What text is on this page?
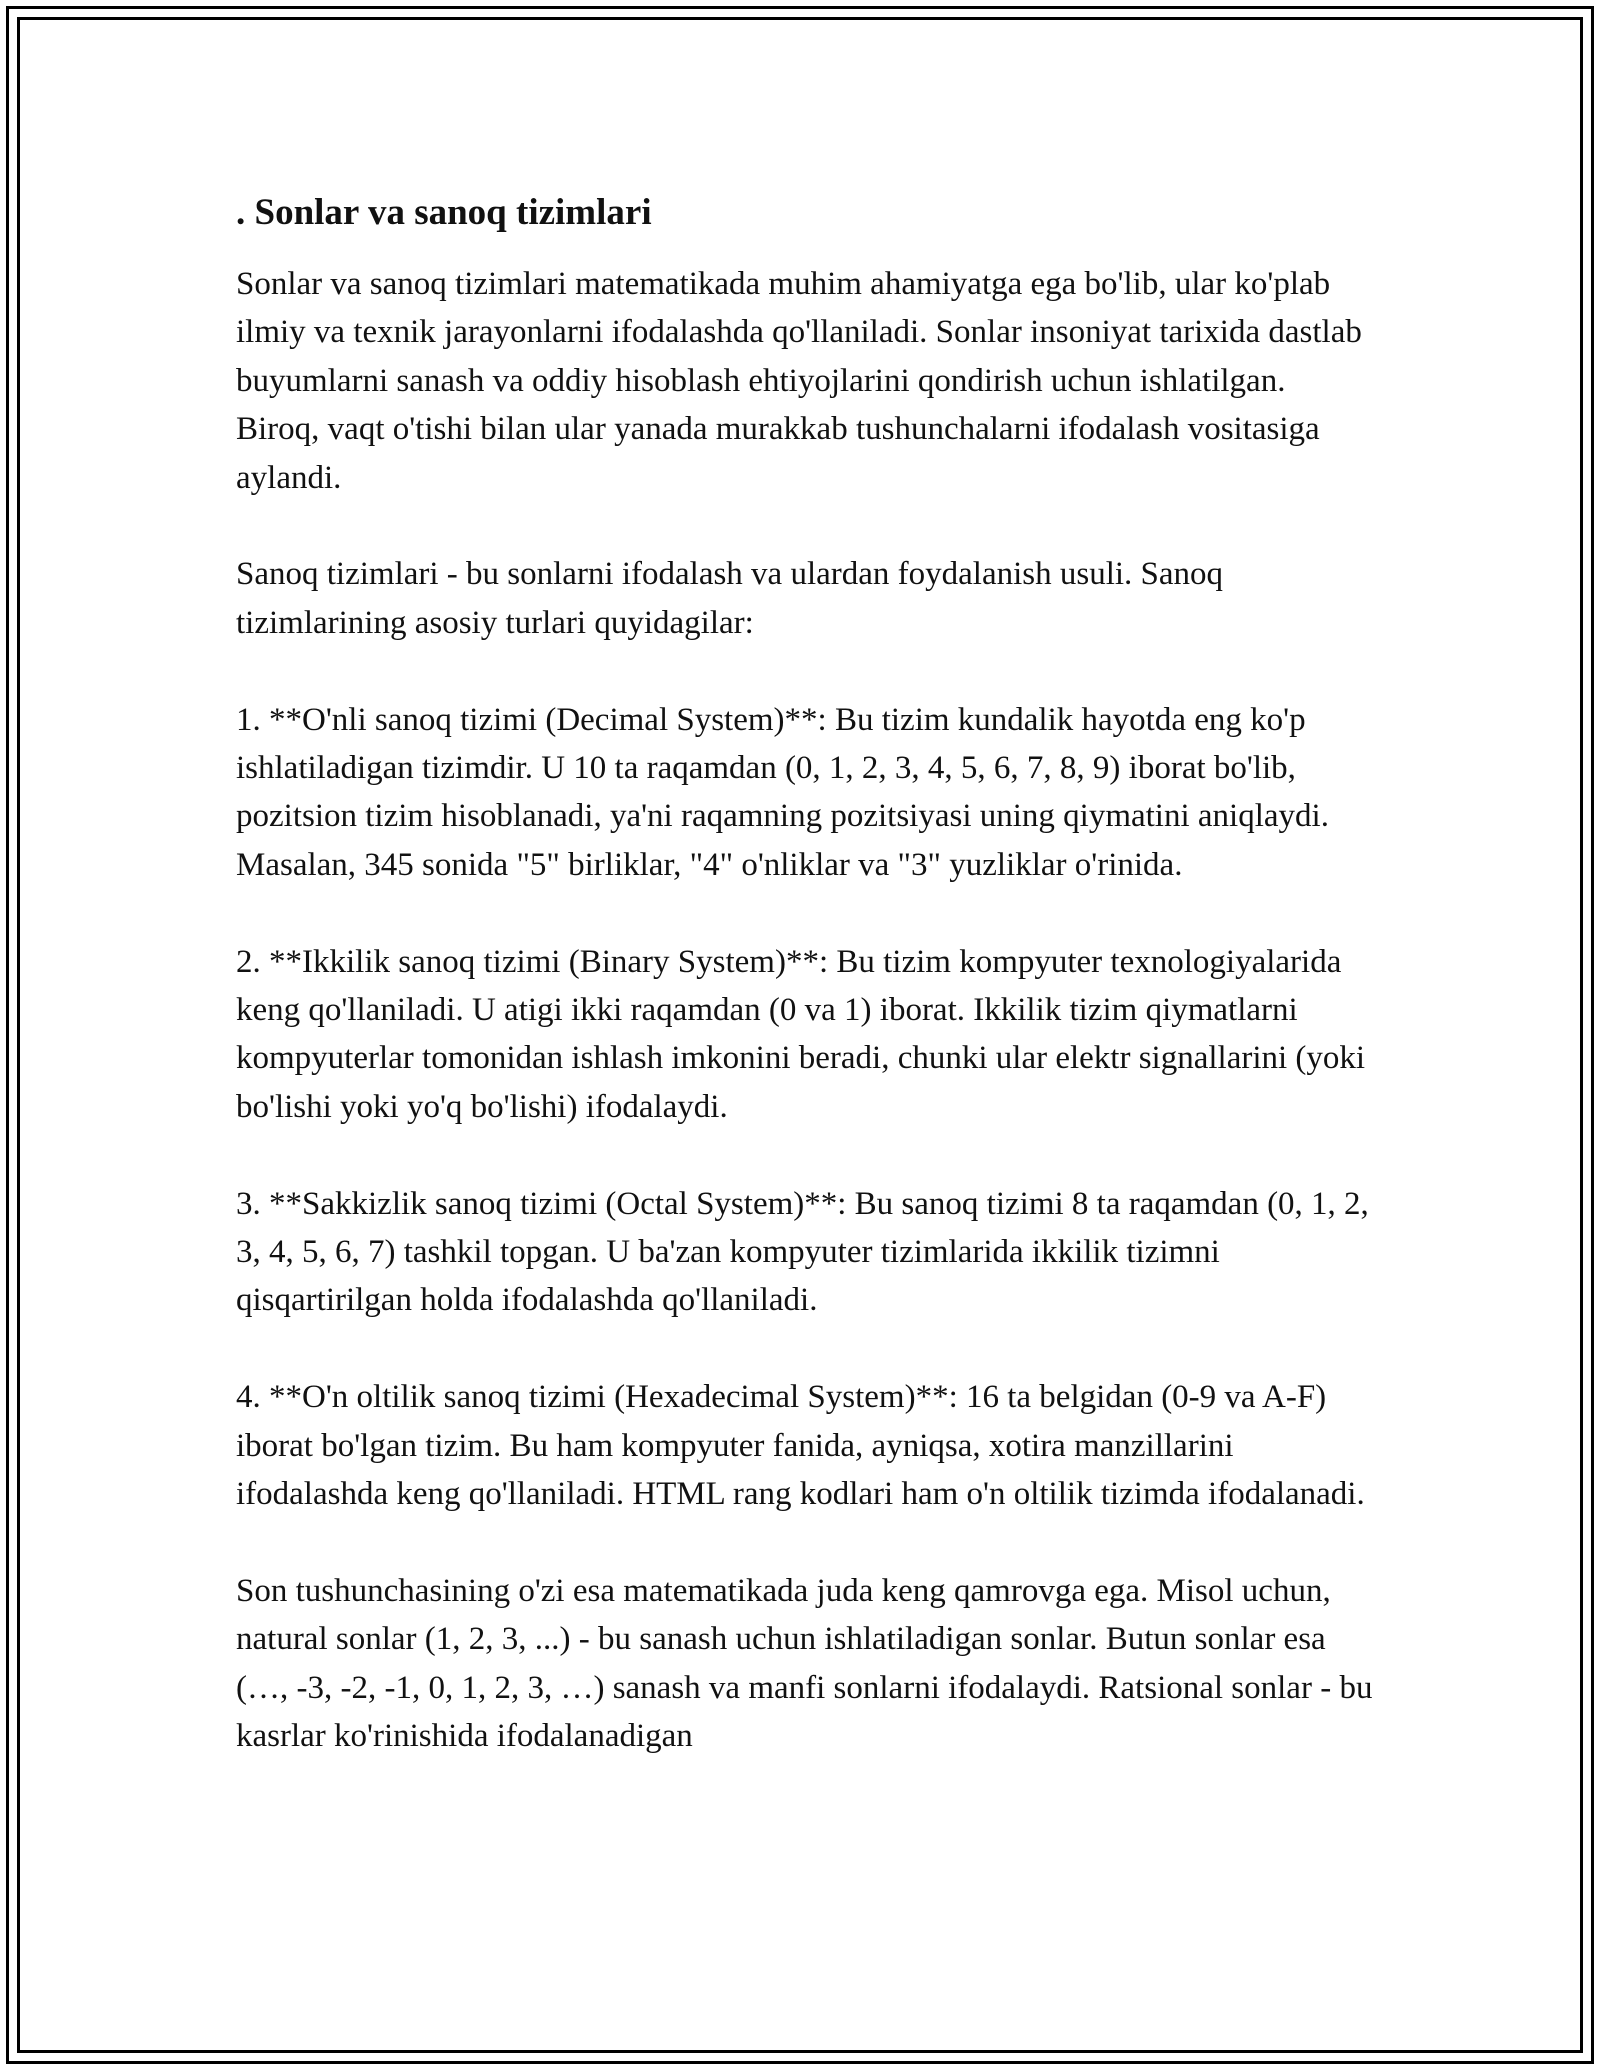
. Sonlar va sanoq tizimlari

Sonlar va sanoq tizimlari matematikada muhim ahamiyatga ega bo'lib, ular ko'plab ilmiy va texnik jarayonlarni ifodalashda qo'llaniladi. Sonlar insoniyat tarixida dastlab buyumlarni sanash va oddiy hisoblash ehtiyojlarini qondirish uchun ishlatilgan. Biroq, vaqt o'tishi bilan ular yanada murakkab tushunchalarni ifodalash vositasiga aylandi.

Sanoq tizimlari - bu sonlarni ifodalash va ulardan foydalanish usuli. Sanoq tizimlarining asosiy turlari quyidagilar:

1. **O'nli sanoq tizimi (Decimal System)**: Bu tizim kundalik hayotda eng ko'p ishlatiladigan tizimdir. U 10 ta raqamdan (0, 1, 2, 3, 4, 5, 6, 7, 8, 9) iborat bo'lib, pozitsion tizim hisoblanadi, ya'ni raqamning pozitsiyasi uning qiymatini aniqlaydi. Masalan, 345 sonida "5" birliklar, "4" o'nliklar va "3" yuzliklar o'rinida.

2. **Ikkilik sanoq tizimi (Binary System)**: Bu tizim kompyuter texnologiyalarida keng qo'llaniladi. U atigi ikki raqamdan (0 va 1) iborat. Ikkilik tizim qiymatlarni kompyuterlar tomonidan ishlash imkonini beradi, chunki ular elektr signallarini (yoki bo'lishi yoki yo'q bo'lishi) ifodalaydi.

3. **Sakkizlik sanoq tizimi (Octal System)**: Bu sanoq tizimi 8 ta raqamdan (0, 1, 2, 3, 4, 5, 6, 7) tashkil topgan. U ba'zan kompyuter tizimlarida ikkilik tizimni qisqartirilgan holda ifodalashda qo'llaniladi.

4. **O'n oltilik sanoq tizimi (Hexadecimal System)**: 16 ta belgidan (0-9 va A-F) iborat bo'lgan tizim. Bu ham kompyuter fanida, ayniqsa, xotira manzillarini ifodalashda keng qo'llaniladi. HTML rang kodlari ham o'n oltilik tizimda ifodalanadi.

Son tushunchasining o'zi esa matematikada juda keng qamrovga ega. Misol uchun, natural sonlar (1, 2, 3, ...) - bu sanash uchun ishlatiladigan sonlar. Butun sonlar esa (…, -3, -2, -1, 0, 1, 2, 3, …) sanash va manfi sonlarni ifodalaydi. Ratsional sonlar - bu kasrlar ko'rinishida ifodalanadigan
